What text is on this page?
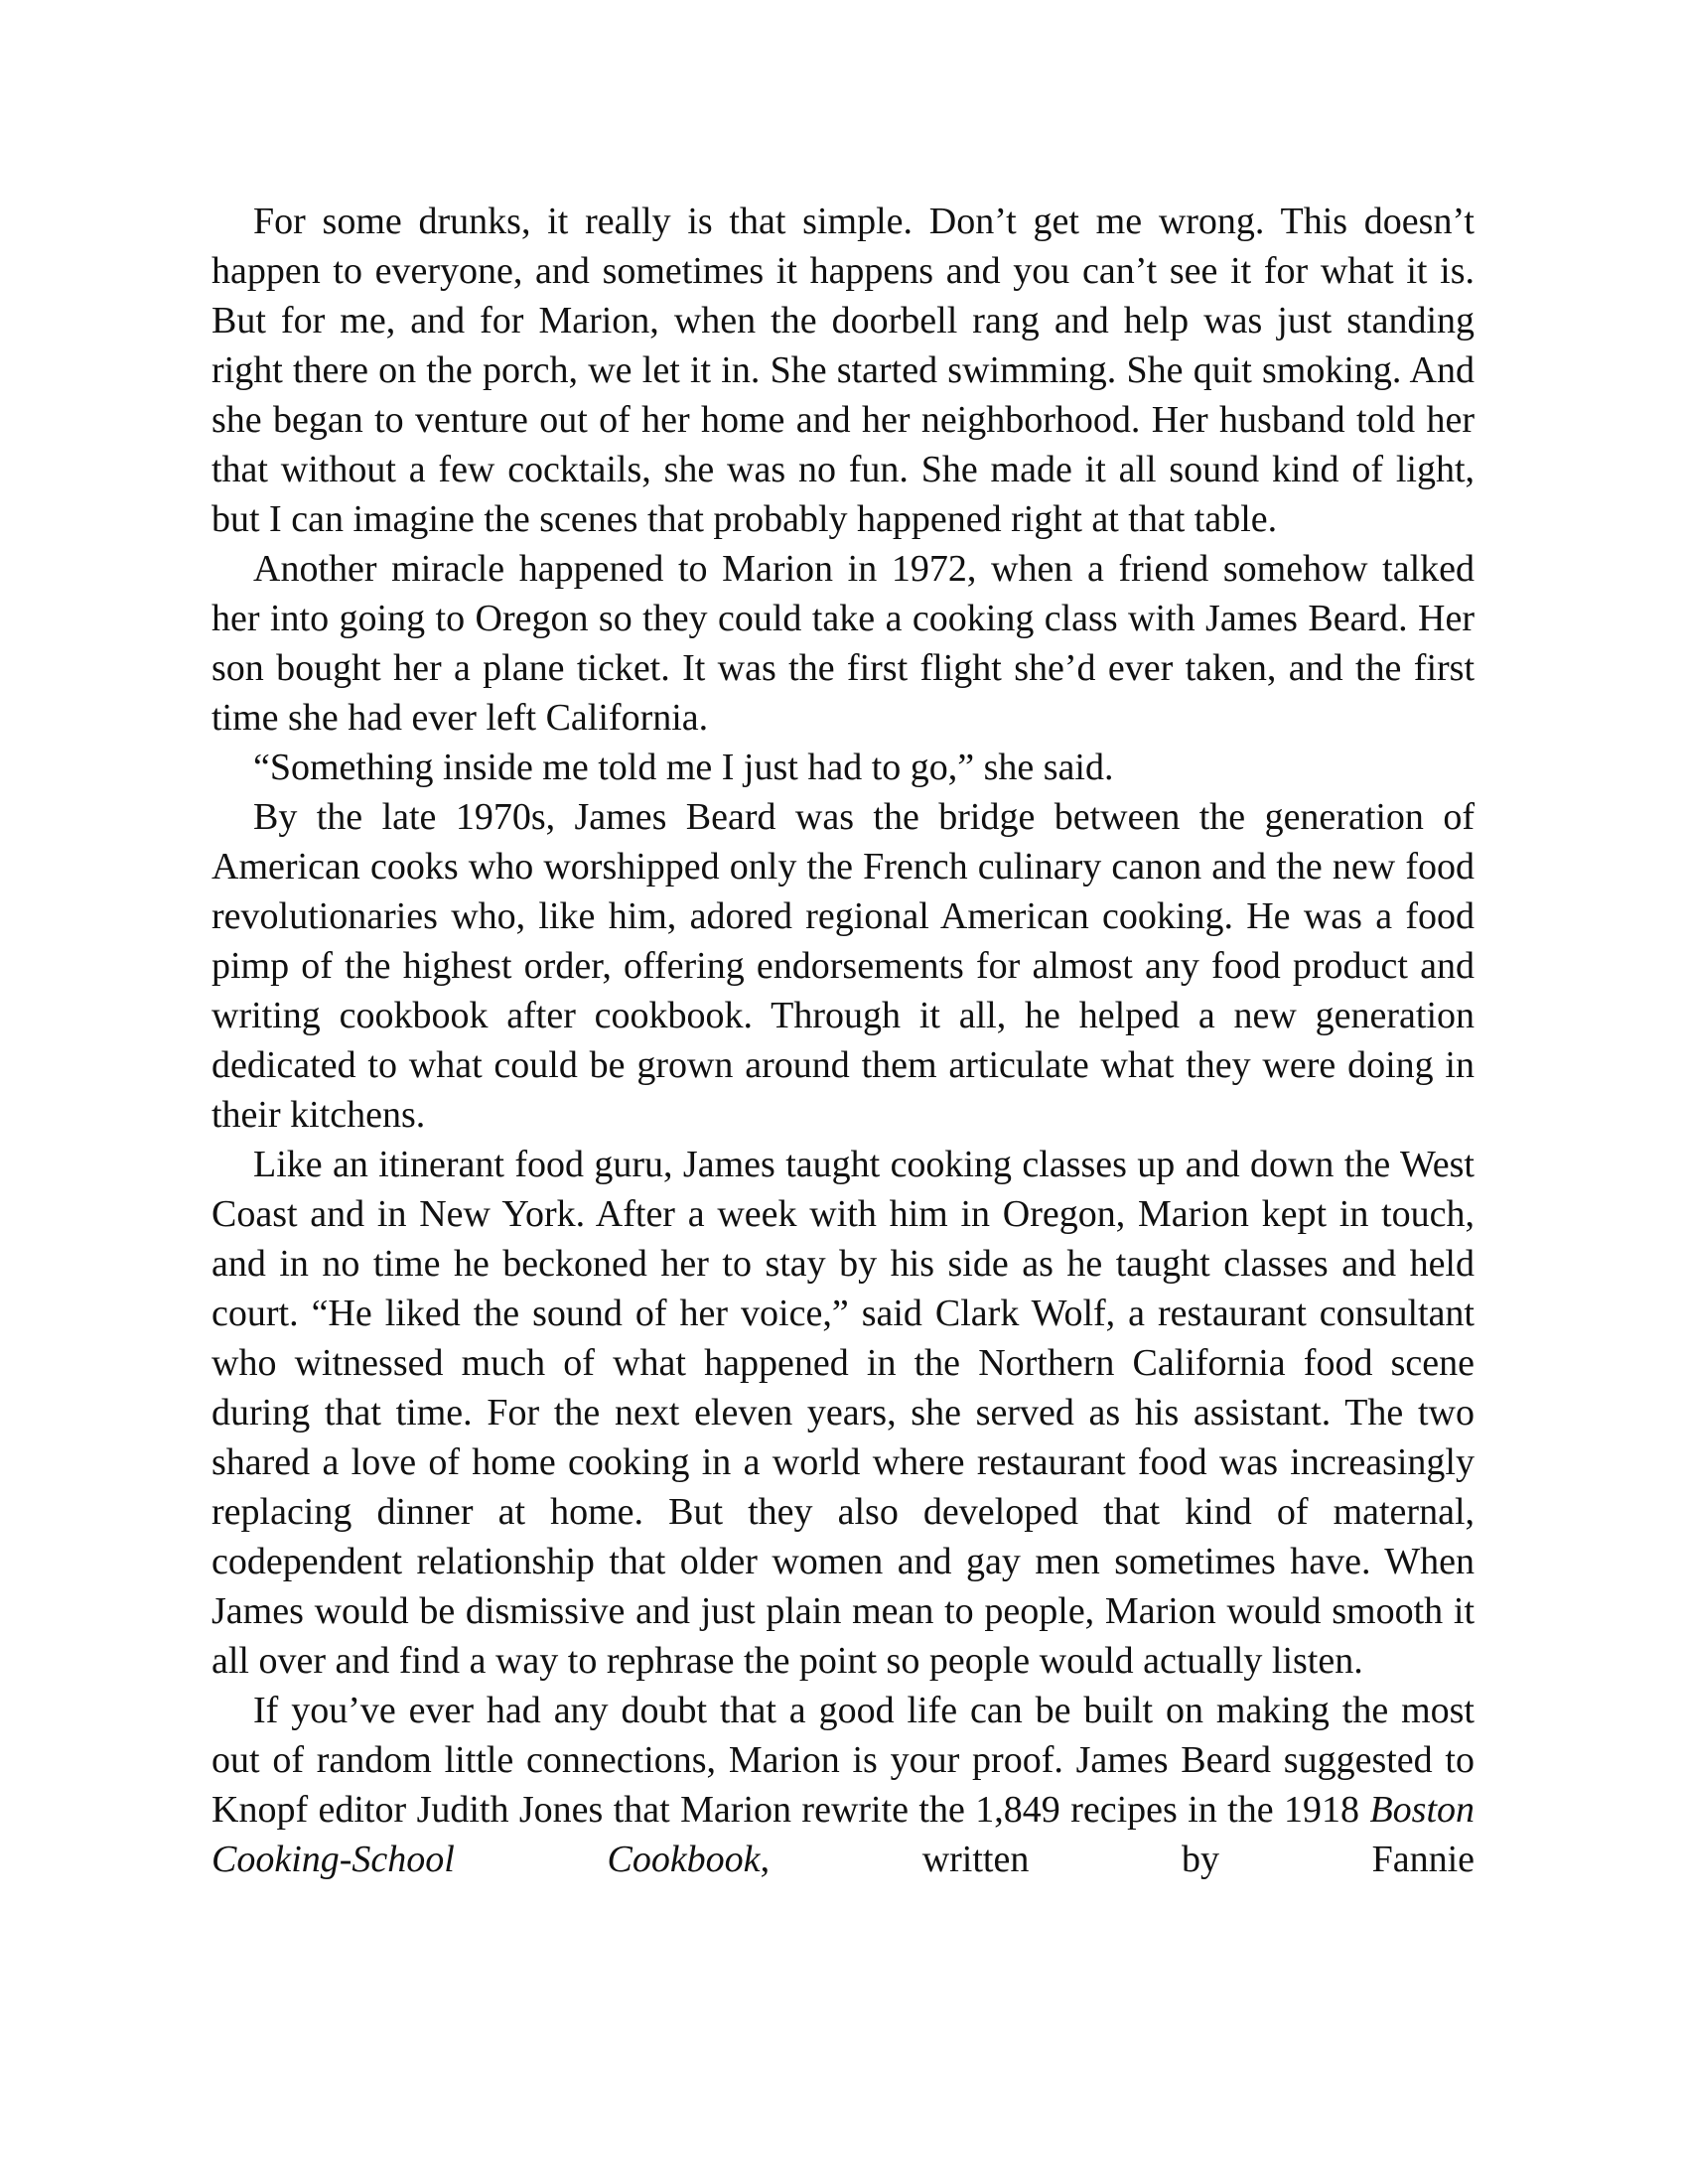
For some drunks, it really is that simple. Don’t get me wrong. This doesn’t happen to everyone, and sometimes it happens and you can’t see it for what it is. But for me, and for Marion, when the doorbell rang and help was just standing right there on the porch, we let it in. She started swimming. She quit smoking. And she began to venture out of her home and her neighborhood. Her husband told her that without a few cocktails, she was no fun. She made it all sound kind of light, but I can imagine the scenes that probably happened right at that table.

Another miracle happened to Marion in 1972, when a friend somehow talked her into going to Oregon so they could take a cooking class with James Beard. Her son bought her a plane ticket. It was the first flight she’d ever taken, and the first time she had ever left California.

“Something inside me told me I just had to go,” she said.

By the late 1970s, James Beard was the bridge between the generation of American cooks who worshipped only the French culinary canon and the new food revolutionaries who, like him, adored regional American cooking. He was a food pimp of the highest order, offering endorsements for almost any food product and writing cookbook after cookbook. Through it all, he helped a new generation dedicated to what could be grown around them articulate what they were doing in their kitchens.

Like an itinerant food guru, James taught cooking classes up and down the West Coast and in New York. After a week with him in Oregon, Marion kept in touch, and in no time he beckoned her to stay by his side as he taught classes and held court. “He liked the sound of her voice,” said Clark Wolf, a restaurant consultant who witnessed much of what happened in the Northern California food scene during that time. For the next eleven years, she served as his assistant. The two shared a love of home cooking in a world where restaurant food was increasingly replacing dinner at home. But they also developed that kind of maternal, codependent relationship that older women and gay men sometimes have. When James would be dismissive and just plain mean to people, Marion would smooth it all over and find a way to rephrase the point so people would actually listen.

If you’ve ever had any doubt that a good life can be built on making the most out of random little connections, Marion is your proof. James Beard suggested to Knopf editor Judith Jones that Marion rewrite the 1,849 recipes in the 1918 Boston Cooking-School Cookbook, written by Fannie
